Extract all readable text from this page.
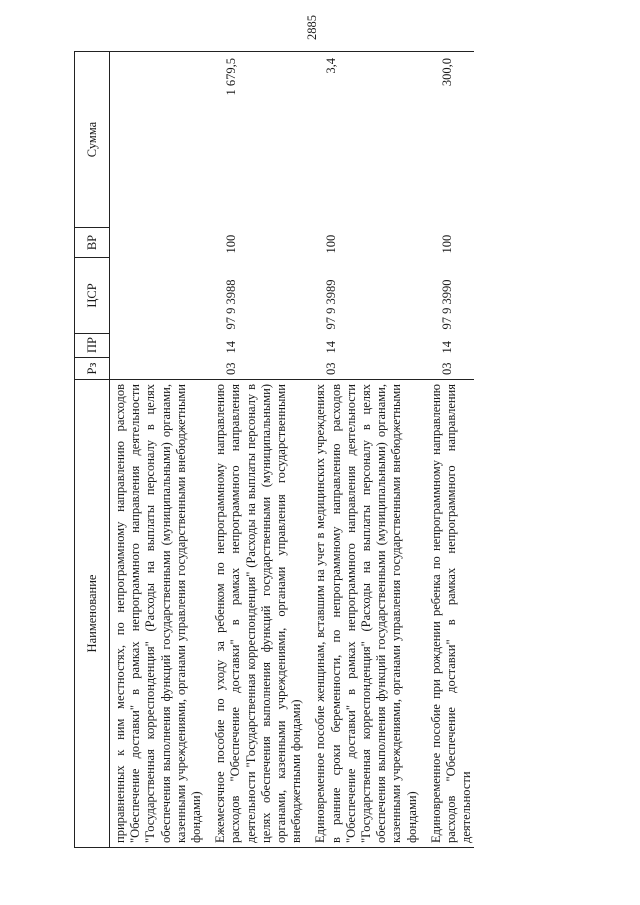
2885
Наименование	Рз	ПР	ЦСР	ВР	Сумма
приравненных к ним местностях, по непрограммному направлению расходов "Обеспечение доставки" в рамках непрограммного направления деятельности "Государственная корреспонденция" (Расходы на выплаты персоналу в целях обеспечения выполнения функций государственными (муниципальными) органами, казенными учреждениями, органами управления государственными внебюджетными фондами)					
Ежемесячное пособие по уходу за ребенком по непрограммному направлению расходов "Обеспечение доставки" в рамках непрограммного направления деятельности "Государственная корреспонденция" (Расходы на выплаты персоналу в целях обеспечения выполнения функций государственными (муниципальными) органами, казенными учреждениями, органами управления государственными внебюджетными фондами)	03	14	97 9 3988	100	1 679,5
Единовременное пособие женщинам, вставшим на учет в медицинских учреждениях в ранние сроки беременности, по непрограммному направлению расходов "Обеспечение доставки" в рамках непрограммного направления деятельности "Государственная корреспонденция" (Расходы на выплаты персоналу в целях обеспечения выполнения функций государственными (муниципальными) органами, казенными учреждениями, органами управления государственными внебюджетными фондами)	03	14	97 9 3989	100	3,4
Единовременное пособие при рождении ребенка по непрограммному направлению расходов "Обеспечение доставки" в рамках непрограммного направления деятельности	03	14	97 9 3990	100	300,0
